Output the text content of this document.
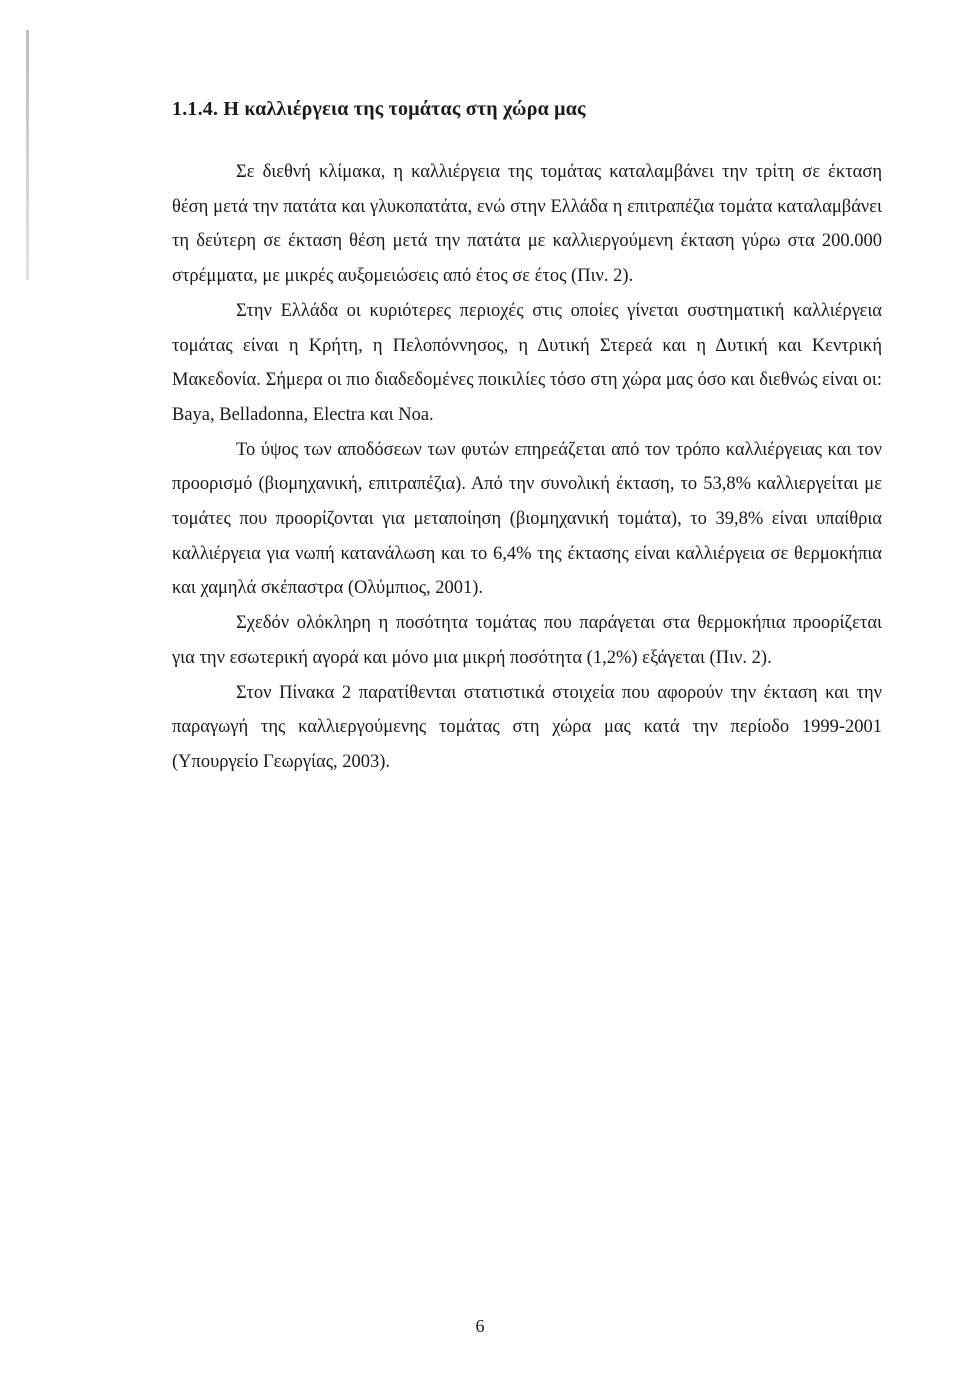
1.1.4. Η καλλιέργεια της τομάτας στη χώρα μας

Σε διεθνή κλίμακα, η καλλιέργεια της τομάτας καταλαμβάνει την τρίτη σε έκταση θέση μετά την πατάτα και γλυκοπατάτα, ενώ στην Ελλάδα η επιτραπέζια τομάτα καταλαμβάνει τη δεύτερη σε έκταση θέση μετά την πατάτα με καλλιεργούμενη έκταση γύρω στα 200.000 στρέμματα, με μικρές αυξομειώσεις από έτος σε έτος (Πιν. 2).

Στην Ελλάδα οι κυριότερες περιοχές στις οποίες γίνεται συστηματική καλλιέργεια τομάτας είναι η Κρήτη, η Πελοπόννησος, η Δυτική Στερεά και η Δυτική και Κεντρική Μακεδονία. Σήμερα οι πιο διαδεδομένες ποικιλίες τόσο στη χώρα μας όσο και διεθνώς είναι οι: Baya, Belladonna, Electra και Noa.

Το ύψος των αποδόσεων των φυτών επηρεάζεται από τον τρόπο καλλιέργειας και τον προορισμό (βιομηχανική, επιτραπέζια). Από την συνολική έκταση, το 53,8% καλλιεργείται με τομάτες που προορίζονται για μεταποίηση (βιομηχανική τομάτα), το 39,8% είναι υπαίθρια καλλιέργεια για νωπή κατανάλωση και το 6,4% της έκτασης είναι καλλιέργεια σε θερμοκήπια και χαμηλά σκέπαστρα (Ολύμπιος, 2001).

Σχεδόν ολόκληρη η ποσότητα τομάτας που παράγεται στα θερμοκήπια προορίζεται για την εσωτερική αγορά και μόνο μια μικρή ποσότητα (1,2%) εξάγεται (Πιν. 2).

Στον Πίνακα 2 παρατίθενται στατιστικά στοιχεία που αφορούν την έκταση και την παραγωγή της καλλιεργούμενης τομάτας στη χώρα μας κατά την περίοδο 1999-2001 (Υπουργείο Γεωργίας, 2003).

6
